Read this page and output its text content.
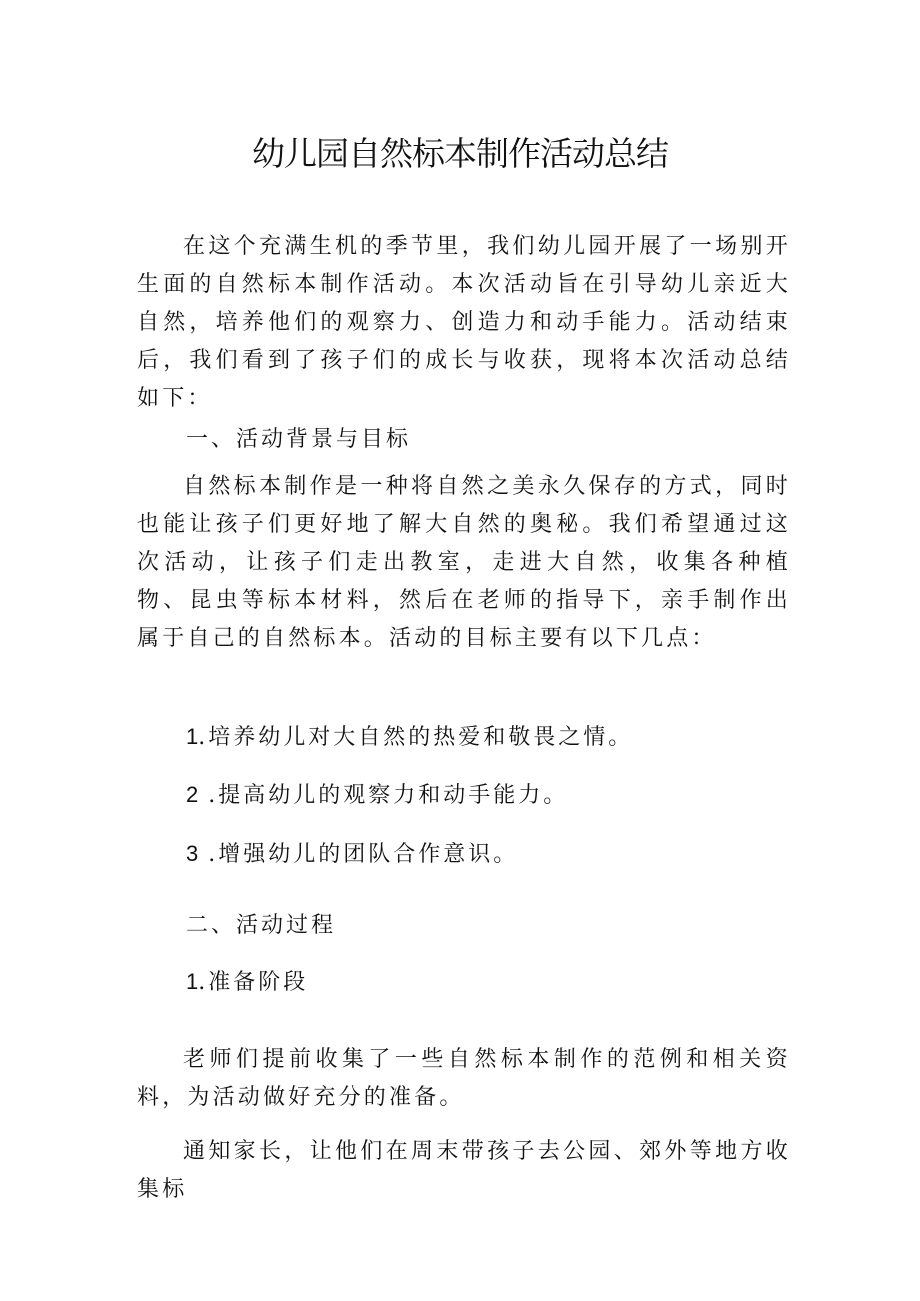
幼儿园自然标本制作活动总结
在这个充满生机的季节里，我们幼儿园开展了一场别开生面的自然标本制作活动。本次活动旨在引导幼儿亲近大自然，培养他们的观察力、创造力和动手能力。活动结束后，我们看到了孩子们的成长与收获，现将本次活动总结如下：
一、活动背景与目标
自然标本制作是一种将自然之美永久保存的方式，同时也能让孩子们更好地了解大自然的奥秘。我们希望通过这次活动，让孩子们走出教室，走进大自然，收集各种植物、昆虫等标本材料，然后在老师的指导下，亲手制作出属于自己的自然标本。活动的目标主要有以下几点：
1.培养幼儿对大自然的热爱和敬畏之情。
2 .提高幼儿的观察力和动手能力。
3 .增强幼儿的团队合作意识。
二、活动过程
1.准备阶段
老师们提前收集了一些自然标本制作的范例和相关资料，为活动做好充分的准备。
通知家长，让他们在周末带孩子去公园、郊外等地方收集标
